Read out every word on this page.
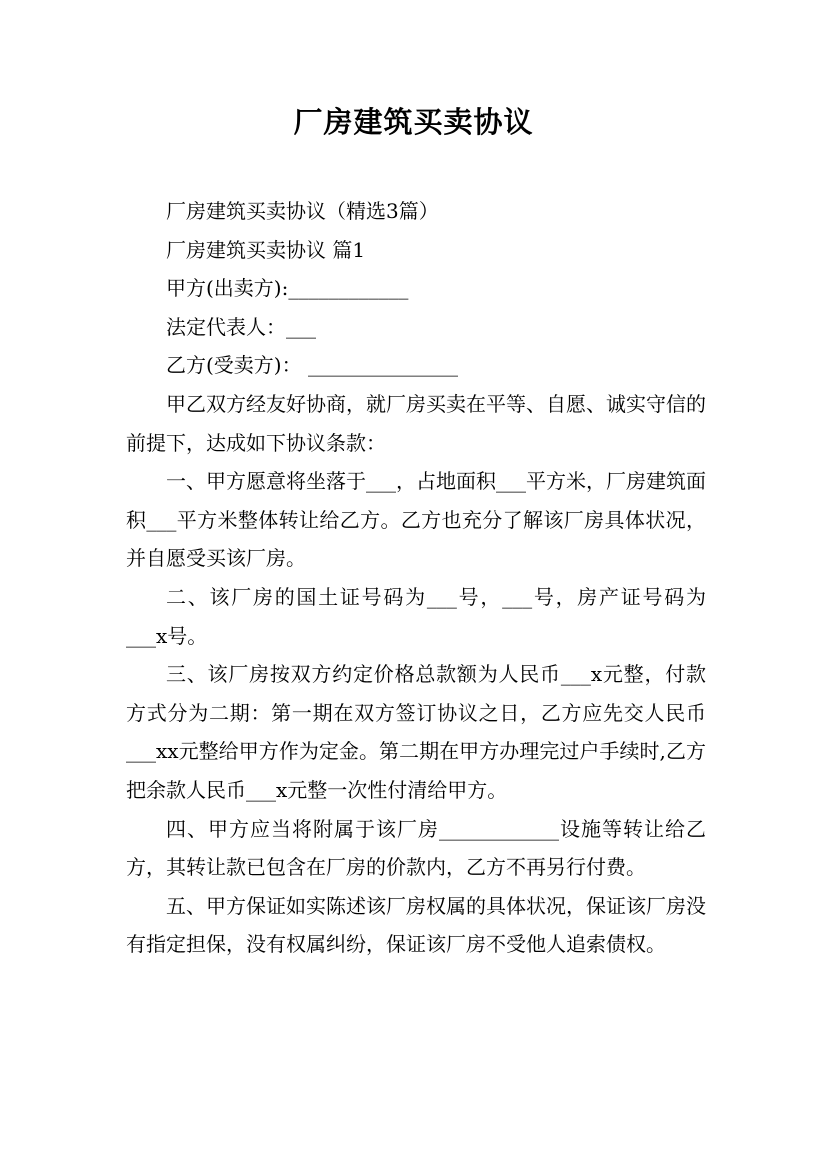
厂房建筑买卖协议

厂房建筑买卖协议（精选3篇）

厂房建筑买卖协议 篇1

甲方(出卖方):____________

法定代表人：___

乙方(受卖方)： _______________

甲乙双方经友好协商，就厂房买卖在平等、自愿、诚实守信的前提下，达成如下协议条款：

一、甲方愿意将坐落于___，占地面积___平方米，厂房建筑面积___平方米整体转让给乙方。乙方也充分了解该厂房具体状况，并自愿受买该厂房。

二、该厂房的国土证号码为___号，___号，房产证号码为___x号。

三、该厂房按双方约定价格总款额为人民币___x元整，付款方式分为二期：第一期在双方签订协议之日，乙方应先交人民币___xx元整给甲方作为定金。第二期在甲方办理完过户手续时,乙方把余款人民币___x元整一次性付清给甲方。

四、甲方应当将附属于该厂房____________设施等转让给乙方，其转让款已包含在厂房的价款内，乙方不再另行付费。

五、甲方保证如实陈述该厂房权属的具体状况，保证该厂房没有指定担保，没有权属纠纷，保证该厂房不受他人追索债权。
